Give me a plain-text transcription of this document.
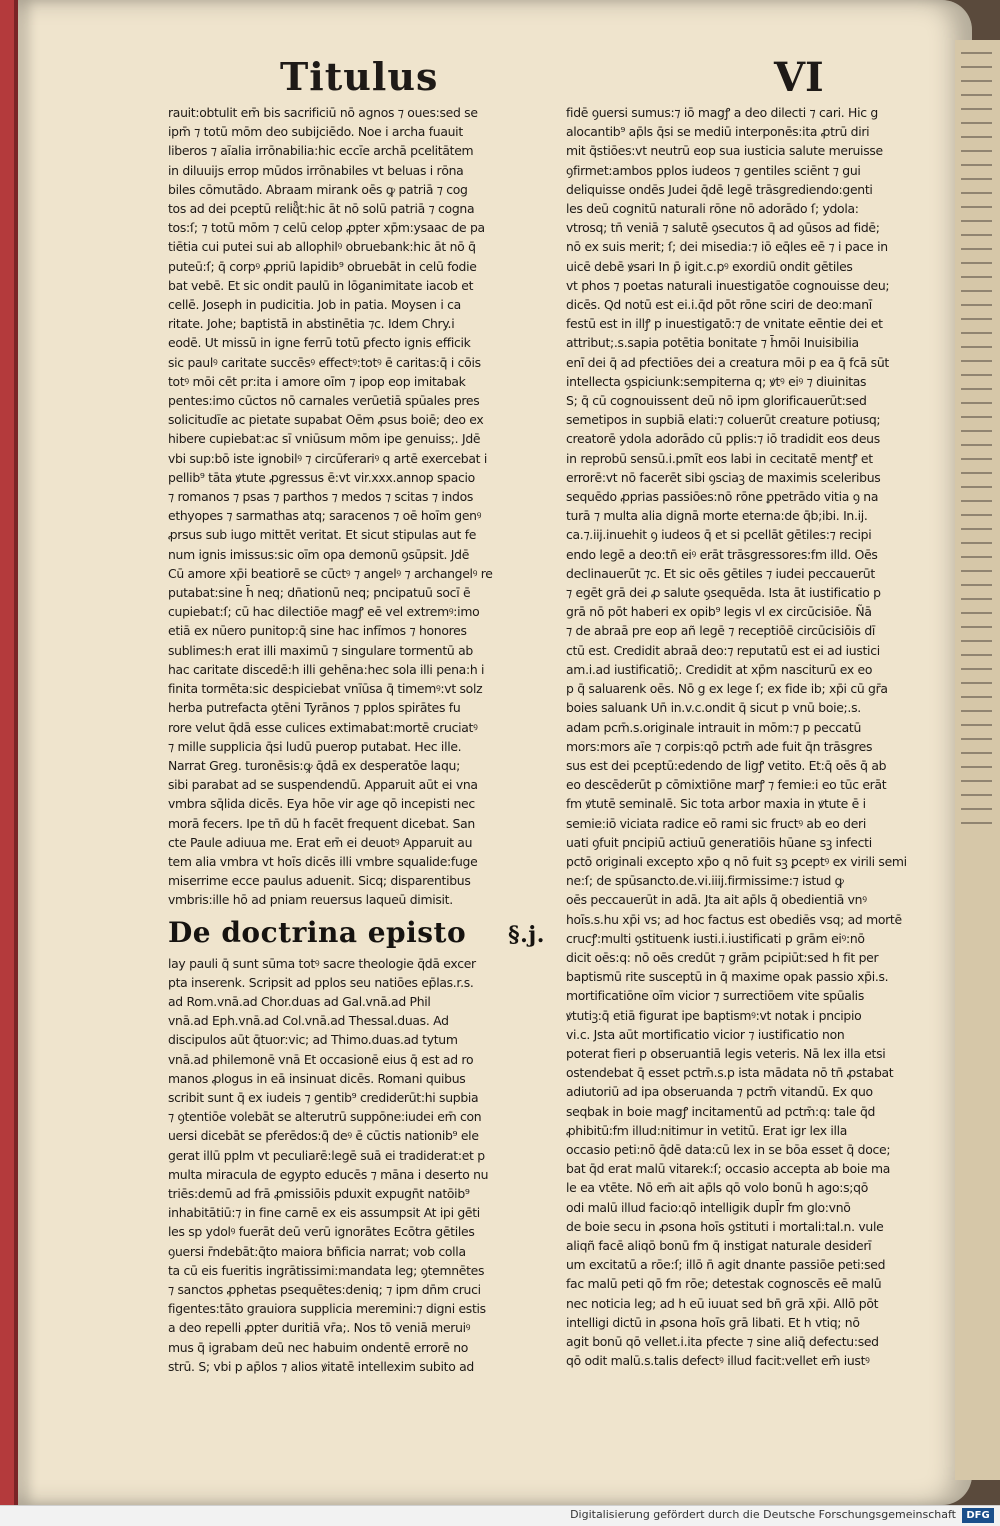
Titulus	VI
rauit:obtulit em̄ bis sacrificiū nō agnos ⁊ oues:sed se
ipm̄ ⁊ totū mōm deo subijciēdo. Noe i archa fuauit
liberos ⁊ aīalia irrōnabilia:hic eccīe archā pcelitātem
in diluuijs errop mūdos irrōnabiles vt beluas i rōna
biles cōmutādo. Abraam mirank oēs ꝙ patriā ⁊ cog
tos ad dei pceptū reliqͣt:hic āt nō solū patriā ⁊ cogna
tos:ſ; ⁊ totū mōm ⁊ celū celop ꝓpter xp̄m:ysaac de pa
tiētia cui putei sui ab allophilꝰ obruebank:hic āt nō q̄
puteū:ſ; q̄ corpꝰ ꝓpriū lapidib⁹ obruebāt in celū fodie
bat vebē. Et sic ondit paulū in lōganimitate iacob et
cellē. Joseph in pudicitia. Job in patia. Moysen i ca
ritate. Johe; baptistā in abstinētia ⁊c. Idem Chry.i
eodē. Ut missū in igne ferrū totū ꝑfecto ignis efficik
sic paulꝰ caritate succēsꝰ effectꝰ:totꝰ ē caritas:q̄ i cōis
totꝰ mōi cēt pr:ita i amore oīm ⁊ ipop eop imitabak
pentes:imo cūctos nō carnales verūetiā spūales pres
solicitudīe ac pietate supabat Oēm ꝓsus boiē; deo ex
hibere cupiebat:ac sī vniūsum mōm ipe genuiss;. Jdē
vbi sup:bō iste ignobilꝰ ⁊ circūferariꝰ q artē exercebat i
pellib⁹ tāta ꝟtute ꝓgressus ē:vt vir.xxx.annop spacio
⁊ romanos ⁊ psas ⁊ parthos ⁊ medos ⁊ scitas ⁊ indos
ethyopes ⁊ sarmathas atq; saracenos ⁊ oē hoīm genꝰ
ꝓrsus sub iugo mittēt veritat. Et sicut stipulas aut fe
num ignis imissus:sic oīm opa demonū ꝯsūpsit. Jdē
Cū amore xp̄i beatiorē se cūctꝰ ⁊ angelꝰ ⁊ archangelꝰ re
putabat:sine h̄ neq; dn̄ationū neq; pncipatuū socī ē
cupiebat:ſ; cū hac dilectiōe magꝭ eē vel extremꝰ:imo
etiā ex nūero punitop:q̄ sine hac infīmos ⁊ honores
sublimes:h erat illi maximū ⁊ singulare tormentū ab
hac caritate discedē:h illi gehēna:hec sola illi pena:h i
finita tormēta:sic despiciebat vnīūsa q̄ timemꝰ:vt solz
herba putrefacta ꝯtēni Tyrānos ⁊ pplos spirātes fu
rore velut q̄dā esse culices extimabat:mortē cruciatꝰ
⁊ mille supplicia q̄si ludū puerop putabat. Hec ille.
Narrat Greg. turonēsis:ꝙ q̄dā ex desperatōe laqu;
sibi parabat ad se suspendendū. Apparuit aūt ei vna
vmbra sq̄lida dicēs. Eya hōe vir age qō incepisti nec
morā fecers. Ipe tn̄ dū h facēt frequent dicebat. San
cte Paule adiuua me. Erat em̄ ei deuotꝰ Apparuit au
tem alia vmbra vt hoīs dicēs illi vmbre squalide:fuge
miserrime ecce paulus aduenit. Sicq; disparentibus
vmbris:ille hō ad pniam reuersus laqueū dimisit.
De doctrina episto §.j.
lay pauli q̄ sunt sūma totꝰ sacre theologie q̄dā excer
pta inserenk. Scripsit ad pplos seu natiōes ep̄las.r.s.
ad Rom.vnā.ad Chor.duas ad Gal.vnā.ad Phil
vnā.ad Eph.vnā.ad Col.vnā.ad Thessal.duas. Ad
discipulos aūt q̄tuor:vic; ad Thimo.duas.ad tytum
vnā.ad philemonē vnā Et occasionē eius q̄ est ad ro
manos ꝓlogus in eā insinuat dicēs. Romani quibus
scribit sunt q̄ ex iudeis ⁊ gentib⁹ crediderūt:hi supbia
⁊ ꝯtentiōe volebāt se alterutrū suppōne:iudei em̄ con
uersi dicebāt se pferēdos:q̄ deꝰ ē cūctis nationib⁹ ele
gerat illū pplm vt peculiarē:legē suā ei tradiderat:et p
multa miracula de egypto educēs ⁊ māna i deserto nu
triēs:demū ad frā ꝓmissiōis pduxit expugn̄t natōib⁹
inhabitātiū:⁊ in fine carnē ex eis assumpsit At ipi gēti
les sp ydolꝰ fuerāt deū verū ignorātes Ecōtra gētiles
ꝯuersi r̄ndebāt:q̄to maiora bn̄ficia narrat; vob colla
ta cū eis fueritis ingrātissimi:mandata leg; ꝯtemnētes
⁊ sanctos ꝓphetas psequētes:deniq; ⁊ ipm dn̄m cruci
figentes:tāto grauiora supplicia meremini:⁊ digni estis
a deo repelli ꝓpter duritiā vr̄a;. Nos tō veniā meruiꝰ
mus q̄ igrabam deū nec habuim ondentē errorē no
strū. S; vbi p ap̄los ⁊ alios ꝟitatē intellexim subito ad
fidē ꝯuersi sumus:⁊ iō magꝭ a deo dilecti ⁊ cari. Hic g
alocantib⁹ ap̄ls q̄si se mediū interponēs:ita ꝓtrū diri
mit q̄stiōes:vt neutrū eop sua iusticia salute meruisse
ꝯfirmet:ambos pplos iudeos ⁊ gentiles sciēnt ⁊ gui
deliquisse ondēs Judei q̄dē legē trāsgrediendo:genti
les deū cognitū naturali rōne nō adorādo ſ; ydola:
vtrosq; tn̄ veniā ⁊ salutē ꝯsecutos q̄ ad ꝯūsos ad fidē;
nō ex suis merit; ſ; dei misedia:⁊ iō eq̄les eē ⁊ i pace in
uicē debē ꝟsari In p̄ igit.c.pꝰ exordiū ondit gētiles
vt phos ⁊ poetas naturali inuestigatōe cognouisse deu;
dicēs. Qd notū est ei.i.q̄d pōt rōne sciri de deo:manī
festū est in illꝭ p inuestigatō:⁊ de vnitate eēntie dei et
attribut;.s.sapia potētia bonitate ⁊ h̄mōi Inuisibilia
enī dei q̄ ad pfectiōes dei a creatura mōi p ea q̄ fcā sūt
intellecta ꝯspiciunk:sempiterna q; ꝟtꝰ eiꝰ ⁊ diuinitas
S; q̄ cū cognouissent deū nō ipm glorificauerūt:sed
semetipos in supbiā elati:⁊ coluerūt creature potiusq;
creatorē ydola adorādo cū pplis:⁊ iō tradidit eos deus
in reprobū sensū.i.pmīt eos labi in cecitatē mentꝭ et
errorē:vt nō facerēt sibi ꝯsciaꝫ de maximis sceleribus
sequēdo ꝓprias passiōes:nō rōne ꝑpetrādo vitia ꝯ na
turā ⁊ multa alia dignā morte eterna:de q̄b;ibi. In.ij.
ca.⁊.iij.inuehit ꝯ iudeos q̄ et si pcellāt gētiles:⁊ recipi
endo legē a deo:tn̄ eiꝰ erāt trāsgressores:fm illd. Oēs
declinauerūt ⁊c. Et sic oēs gētiles ⁊ iudei peccauerūt
⁊ egēt grā dei ꝓ salute ꝯsequēda. Ista āt iustificatio p
grā nō pōt haberi ex opib⁹ legis vl ex circūcisiōe. Ñā
⁊ de abraā pre eop añ legē ⁊ receptiōē circūcisiōis dī
ctū est. Credidit abraā deo:⁊ reputatū est ei ad iustici
am.i.ad iustificatiō;. Credidit at xp̄m nasciturū ex eo
p q̄ saluarenk oēs. Nō g ex lege ſ; ex fide ib; xp̄i cū gr̄a
boies saluank Un̄ in.v.c.ondit q̄ sicut p vnū boie;.s.
adam pcm̄.s.originale intrauit in mōm:⁊ p peccatū
mors:mors aīe ⁊ corpis:qō pctm̄ ade fuit q̄n trāsgres
sus est dei pceptū:edendo de ligꝭ vetito. Et:q̄ oēs q̄ ab
eo descēderūt p cōmixtiōne marꝭ ⁊ femie:i eo tūc erāt
fm ꝟtutē seminalē. Sic tota arbor maxia in ꝟtute ē i
semie:iō viciata radice eō rami sic fructꝰ ab eo deri
uati ꝯfuit pncipiū actiuū generatiōis hūane sꝫ infecti
pctō originali excepto xp̄o q nō fuit sꝫ ꝑceptꝰ ex virili semi
ne:ſ; de spūsancto.de.vi.iiij.firmissime:⁊ istud ꝙ
oēs peccauerūt in adā. Jta ait ap̄ls q̄ obedientiā vnꝰ
hoīs.s.hu xp̄i vs; ad hoc factus est obediēs vsq; ad mortē
crucꝭ:multi ꝯstituenk iusti.i.iustificati p grām eiꝰ:nō
dicit oēs:q: nō oēs credūt ⁊ grām pcipiūt:sed h fit per
baptismū rite susceptū in q̄ maxime opak passio xp̄i.s.
mortificatiōne oīm vicior ⁊ surrectiōem vite spūalis
ꝟtutiꝫ:q̄ etiā figurat ipe baptismꝰ:vt notak i pncipio
vi.c. Jsta aūt mortificatio vicior ⁊ iustificatio non
poterat fieri p obseruantiā legis veteris. Nā lex illa etsi
ostendebat q̄ esset pctm̄.s.p ista mādata nō tn̄ ꝓstabat
adiutoriū ad ipa obseruanda ⁊ pctm̄ vitandū. Ex quo
seqbak in boie magꝭ incitamentū ad pctm̄:q: tale q̄d
ꝓhibitū:fm illud:nitimur in vetitū. Erat igr lex illa
occasio peti:nō q̄dē data:cū lex in se bōa esset q̄ doce;
bat q̄d erat malū vitarek:ſ; occasio accepta ab boie ma
le ea vtēte. Nō em̄ ait ap̄ls qō volo bonū h ago:s;qō
odi malū illud facio:qō intelligik dupl̄r fm glo:vnō
de boie secu in ꝓsona hoīs ꝯstituti i mortali:tal.n. vule
aliqñ facē aliqō bonū fm q̄ instigat naturale desiderī
um excitatū a rōe:ſ; illō n̄ agit dnante passiōe peti:sed
fac malū peti qō fm rōe; detestak cognoscēs eē malū
nec noticia leg; ad h eū iuuat sed bn̄ grā xp̄i. Allō pōt
intelligi dictū in ꝓsona hoīs grā libati. Et h vtiq; nō
agit bonū qō vellet.i.ita pfecte ⁊ sine aliq̄ defectu:sed
qō odit malū.s.talis defectꝰ illud facit:vellet em̄ iustꝰ
Digitalisierung gefördert durch die Deutsche Forschungsgemeinschaft	DFG
